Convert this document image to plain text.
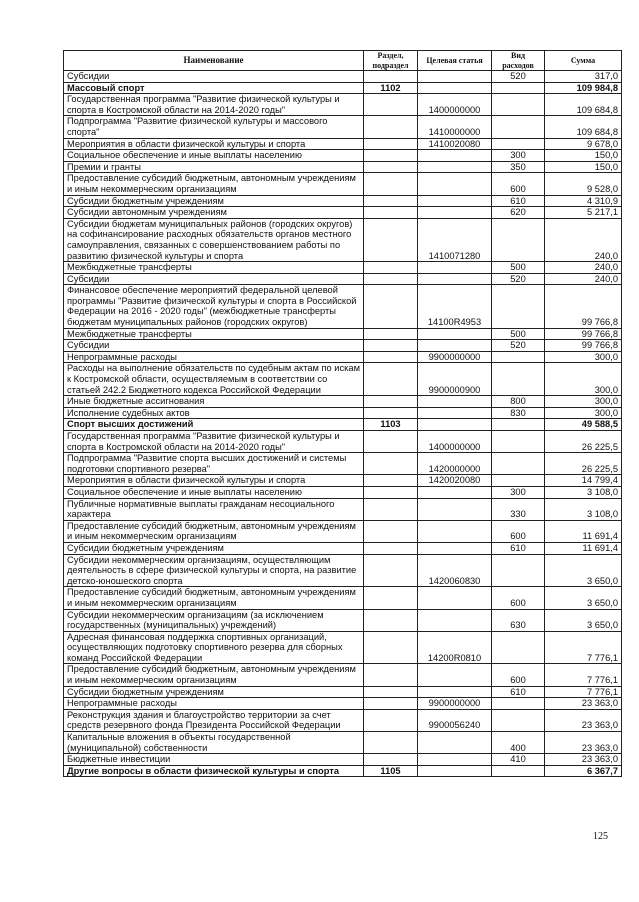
Наименование	Раздел, подраздел	Целевая статья	Вид расходов	Сумма
Субсидии			520	317,0
Массовый спорт	1102			109 984,8
Государственная программа "Развитие физической культуры и спорта в Костромской области на 2014-2020 годы"		1400000000		109 684,8
Подпрограмма "Развитие физической культуры и массового спорта"		1410000000		109 684,8
Мероприятия в области физической культуры и спорта		1410020080		9 678,0
Социальное обеспечение и иные выплаты населению			300	150,0
Премии и гранты			350	150,0
Предоставление субсидий бюджетным, автономным учреждениям и иным некоммерческим организациям			600	9 528,0
Субсидии бюджетным учреждениям			610	4 310,9
Субсидии автономным учреждениям			620	5 217,1
Субсидии бюджетам муниципальных районов (городских округов) на софинансирование расходных обязательств органов местного самоуправления, связанных с совершенствованием работы по развитию физической культуры и спорта		1410071280		240,0
Межбюджетные трансферты			500	240,0
Субсидии			520	240,0
Финансовое обеспечение мероприятий федеральной целевой программы "Развитие физической культуры и спорта в Российской Федерации на 2016 - 2020 годы" (межбюджетные трансферты бюджетам муниципальных районов (городских округов)		14100R4953		99 766,8
Межбюджетные трансферты			500	99 766,8
Субсидии			520	99 766,8
Непрограммные расходы		9900000000		300,0
Расходы на выполнение обязательств по судебным актам по искам к Костромской области, осуществляемым в соответствии со статьей 242.2 Бюджетного кодекса Российской Федерации		9900000900		300,0
Иные бюджетные ассигнования			800	300,0
Исполнение судебных актов			830	300,0
Спорт высших достижений	1103			49 588,5
Государственная программа "Развитие физической культуры и спорта в Костромской области на 2014-2020 годы"		1400000000		26 225,5
Подпрограмма "Развитие спорта высших достижений и системы подготовки спортивного резерва"		1420000000		26 225,5
Мероприятия в области физической культуры и спорта		1420020080		14 799,4
Социальное обеспечение и иные выплаты населению			300	3 108,0
Публичные нормативные выплаты гражданам несоциального характера			330	3 108,0
Предоставление субсидий бюджетным, автономным учреждениям и иным некоммерческим организациям			600	11 691,4
Субсидии бюджетным учреждениям			610	11 691,4
Субсидии некоммерческим организациям, осуществляющим деятельность в сфере физической культуры и спорта, на развитие детско-юношеского спорта		1420060830		3 650,0
Предоставление субсидий бюджетным, автономным учреждениям и иным некоммерческим организациям			600	3 650,0
Субсидии некоммерческим организациям (за исключением государственных (муниципальных) учреждений)			630	3 650,0
Адресная финансовая поддержка спортивных организаций, осуществляющих подготовку спортивного резерва для сборных команд Российской Федерации		14200R0810		7 776,1
Предоставление субсидий бюджетным, автономным учреждениям и иным некоммерческим организациям			600	7 776,1
Субсидии бюджетным учреждениям			610	7 776,1
Непрограммные расходы		9900000000		23 363,0
Реконструкция здания и благоустройство территории за счет средств резервного фонда Президента Российской Федерации		9900056240		23 363,0
Капитальные вложения в объекты государственной (муниципальной) собственности			400	23 363,0
Бюджетные инвестиции			410	23 363,0
Другие вопросы в области физической культуры и спорта	1105			6 367,7
125
